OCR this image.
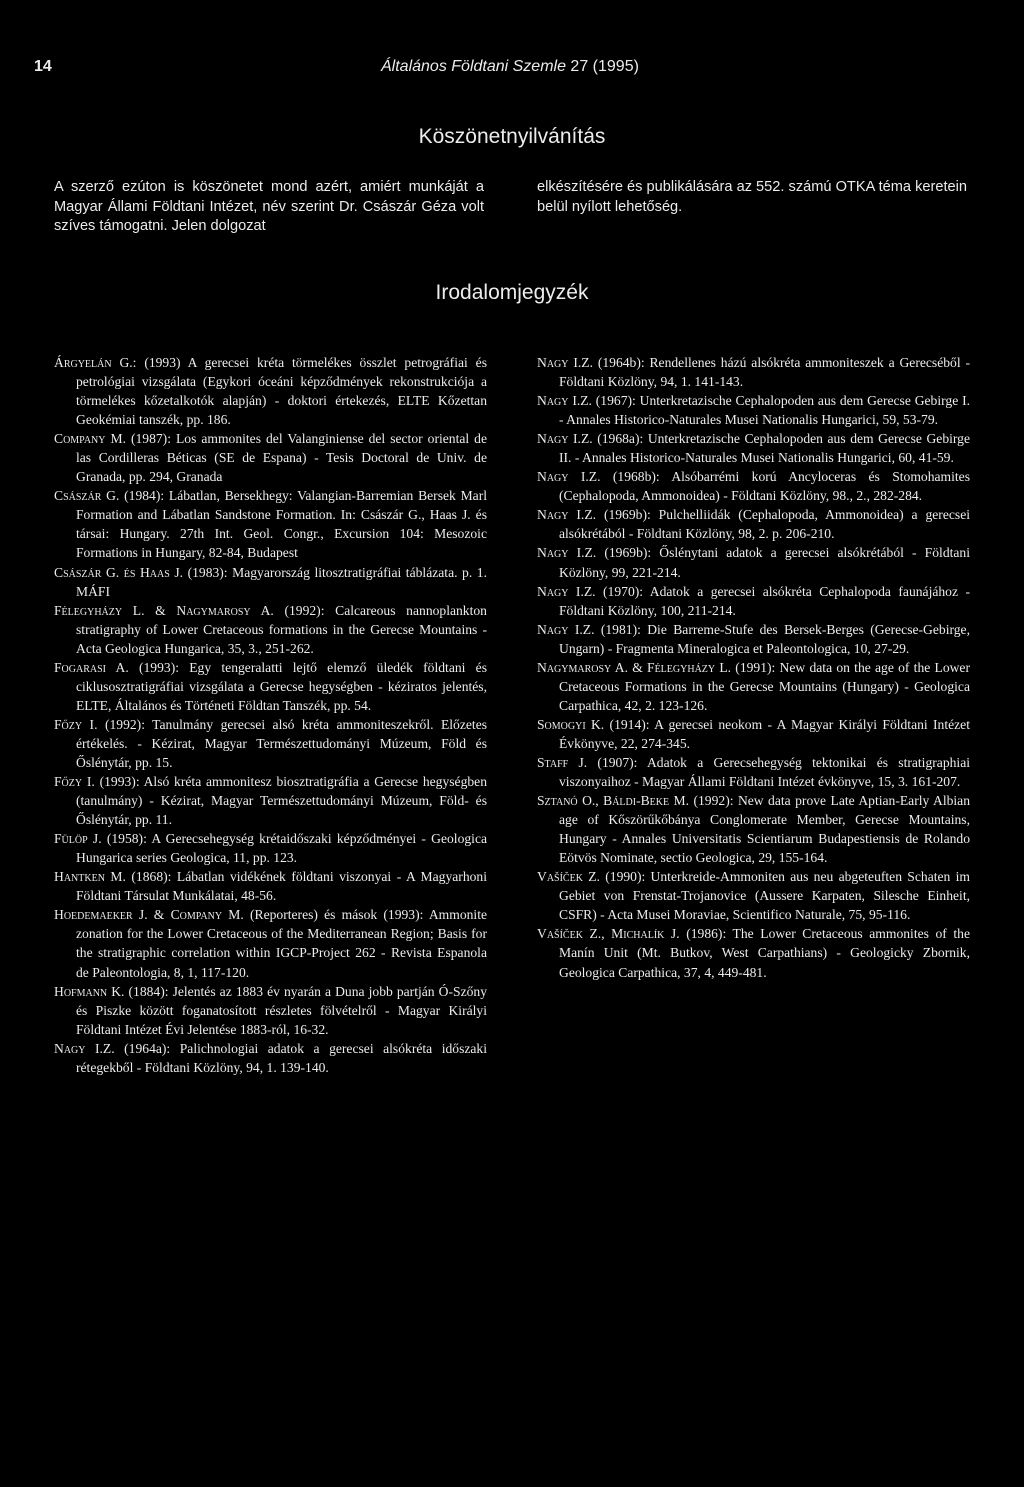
14	Általános Földtani Szemle 27 (1995)
Köszönetnyilvánítás
A szerző ezúton is köszönetet mond azért, amiért munkáját a Magyar Állami Földtani Intézet, név szerint Dr. Császár Géza volt szíves támogatni. Jelen dolgozat
elkészítésére és publikálására az 552. számú OTKA téma keretein belül nyílott lehetőség.
Irodalomjegyzék
Árgyelán G.: (1993) A gerecsei kréta törmelékes összlet petrográfiai és petrológiai vizsgálata (Egykori óceáni képződmények rekonstrukciója a törmelékes kőzetalkotók alapján) - doktori értekezés, ELTE Kőzettan Geokémiai tanszék, pp. 186.
Company M. (1987): Los ammonites del Valanginiense del sector oriental de las Cordilleras Béticas (SE de Espana) - Tesis Doctoral de Univ. de Granada, pp. 294, Granada
Császár G. (1984): Lábatlan, Bersekhegy: Valangian-Barremian Bersek Marl Formation and Lábatlan Sandstone Formation. In: Császár G., Haas J. és társai: Hungary. 27th Int. Geol. Congr., Excursion 104: Mesozoic Formations in Hungary, 82-84, Budapest
Császár G. és Haas J. (1983): Magyarország litosztratigráfiai táblázata. p. 1. MÁFI
Félegyházy L. & Nagymarosy A. (1992): Calcareous nannoplankton stratigraphy of Lower Cretaceous formations in the Gerecse Mountains - Acta Geologica Hungarica, 35, 3., 251-262.
Fogarasi A. (1993): Egy tengeralatti lejtő elemző üledék földtani és ciklusosztratigráfiai vizsgálata a Gerecse hegységben - kéziratos jelentés, ELTE, Általános és Történeti Földtan Tanszék, pp. 54.
Főzy I. (1992): Tanulmány gerecsei alsó kréta ammoniteszekről. Előzetes értékelés. - Kézirat, Magyar Természettudományi Múzeum, Föld és Őslénytár, pp. 15.
Főzy I. (1993): Alsó kréta ammonitesz biosztratigráfia a Gerecse hegységben (tanulmány) - Kézirat, Magyar Természettudományi Múzeum, Föld- és Őslénytár, pp. 11.
Fülöp J. (1958): A Gerecsehegység krétaidőszaki képződményei - Geologica Hungarica series Geologica, 11, pp. 123.
Hantken M. (1868): Lábatlan vidékének földtani viszonyai - A Magyarhoni Földtani Társulat Munkálatai, 48-56.
Hoedemaeker J. & Company M. (Reporteres) és mások (1993): Ammonite zonation for the Lower Cretaceous of the Mediterranean Region; Basis for the stratigraphic correlation within IGCP-Project 262 - Revista Espanola de Paleontologia, 8, 1, 117-120.
Hofmann K. (1884): Jelentés az 1883 év nyarán a Duna jobb partján Ó-Szőny és Piszke között foganatosított részletes fölvételről - Magyar Királyi Földtani Intézet Évi Jelentése 1883-ról, 16-32.
Nagy I.Z. (1964a): Palichnologiai adatok a gerecsei alsókréta időszaki rétegekből - Földtani Közlöny, 94, 1. 139-140.
Nagy I.Z. (1964b): Rendellenes házú alsókréta ammoniteszek a Gerecséből - Földtani Közlöny, 94, 1. 141-143.
Nagy I.Z. (1967): Unterkretazische Cephalopoden aus dem Gerecse Gebirge I. - Annales Historico-Naturales Musei Nationalis Hungarici, 59, 53-79.
Nagy I.Z. (1968a): Unterkretazische Cephalopoden aus dem Gerecse Gebirge II. - Annales Historico-Naturales Musei Nationalis Hungarici, 60, 41-59.
Nagy I.Z. (1968b): Alsóbarrémi korú Ancyloceras és Stomohamites (Cephalopoda, Ammonoidea) - Földtani Közlöny, 98., 2., 282-284.
Nagy I.Z. (1969b): Pulchelliidák (Cephalopoda, Ammonoidea) a gerecsei alsókrétából - Földtani Közlöny, 98, 2. p. 206-210.
Nagy I.Z. (1969b): Őslénytani adatok a gerecsei alsókrétából - Földtani Közlöny, 99, 221-214.
Nagy I.Z. (1970): Adatok a gerecsei alsókréta Cephalopoda faunájához - Földtani Közlöny, 100, 211-214.
Nagy I.Z. (1981): Die Barreme-Stufe des Bersek-Berges (Gerecse-Gebirge, Ungarn) - Fragmenta Mineralogica et Paleontologica, 10, 27-29.
Nagymarosy A. & Félegyházy L. (1991): New data on the age of the Lower Cretaceous Formations in the Gerecse Mountains (Hungary) - Geologica Carpathica, 42, 2. 123-126.
Somogyi K. (1914): A gerecsei neokom - A Magyar Királyi Földtani Intézet Évkönyve, 22, 274-345.
Staff J. (1907): Adatok a Gerecsehegység tektonikai és stratigraphiai viszonyaihoz - Magyar Állami Földtani Intézet évkönyve, 15, 3. 161-207.
Sztanó O., Báldi-Beke M. (1992): New data prove Late Aptian-Early Albian age of Kőszörűkőbánya Conglomerate Member, Gerecse Mountains, Hungary - Annales Universitatis Scientiarum Budapestiensis de Rolando Eötvös Nominate, sectio Geologica, 29, 155-164.
Vašíček Z. (1990): Unterkreide-Ammoniten aus neu abgeteuften Schaten im Gebiet von Frenstat-Trojanovice (Aussere Karpaten, Silesche Einheit, CSFR) - Acta Musei Moraviae, Scientifico Naturale, 75, 95-116.
Vašíček Z., Michalík J. (1986): The Lower Cretaceous ammonites of the Manín Unit (Mt. Butkov, West Carpathians) - Geologicky Zbornik, Geologica Carpathica, 37, 4, 449-481.
